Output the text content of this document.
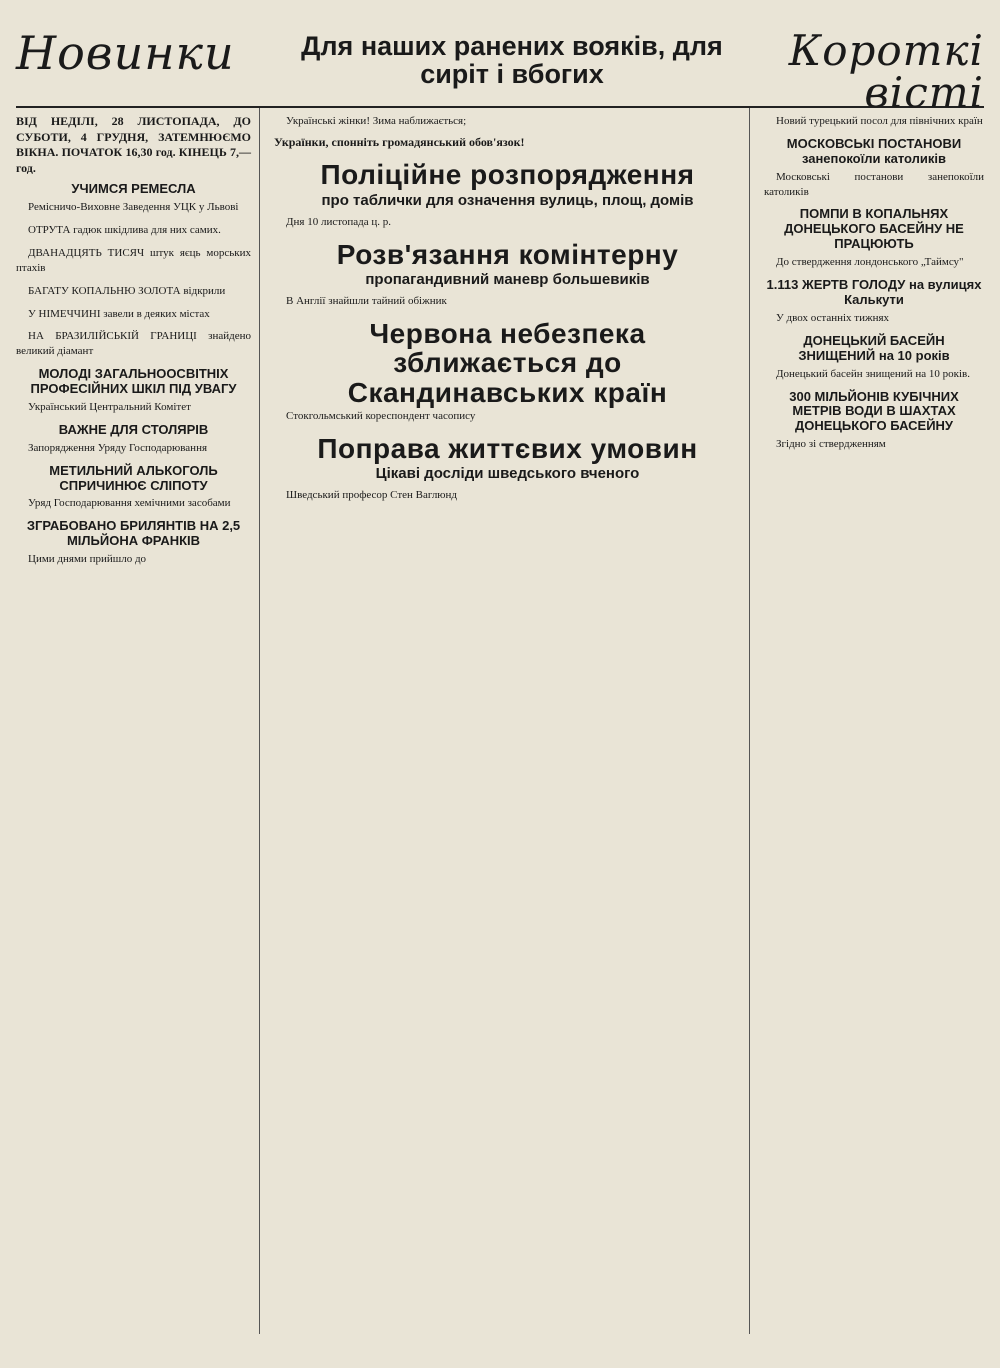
Новинки	Для наших ранених вояків, для сиріт і вбогих	Короткі вісті
ВІД НЕДІЛІ, 28 ЛИСТОПАДА, ДО СУБОТИ, 4 ГРУДНЯ, ЗАТЕМНЮЄМО ВІКНА. ПОЧАТОК 16,30 год. КІНЕЦЬ 7,— год.
УЧИМСЯ РЕМЕСЛА

Ремісничо-Виховне Заведення УЦК у Львові

ОТРУТА гадюк шкідлива для них самих.

ДВАНАДЦЯТЬ ТИСЯЧ штук яєць морських птахів

БАГАТУ КОПАЛЬНЮ ЗОЛОТА відкрили

У НІМЕЧЧИНІ завели в деяких містах

НА БРАЗИЛІЙСЬКІЙ ГРАНИЦІ знайдено великий діамант

МОЛОДІ ЗАГАЛЬНООСВІТНІХ ПРОФЕСІЙНИХ ШКІЛ ПІД УВАГУ

Український Центральний Комітет

ВАЖНЕ ДЛЯ СТОЛЯРІВ

Запорядження Уряду Господарювання

МЕТИЛЬНИЙ АЛЬКОГОЛЬ СПРИЧИНЮЄ СЛІПОТУ

Уряд Господарювання хемічними засобами

ЗГРАБОВАНО БРИЛЯНТІВ НА 2,5 МІЛЬЙОНА ФРАНКІВ

Цими днями прийшло до

Українські жінки! Зима наближається;

Українки, спонніть громадянський обов'язок!

Поліційне розпорядження
про таблички для означення вулиць, площ, домів

Дня 10 листопада ц. р.

Розв'язання комінтерну
пропагандивний маневр большевиків

В Англії знайшли тайний обіжник

Червона небезпека зближається до Скандинавських країн

Стокгольмський кореспондент часопису

Поправа життєвих умовин
Цікаві досліди шведського вченого

Шведський професор Стен Ваглюнд

Новий турецький посол для північних країн

МОСКОВСЬКІ ПОСТАНОВИ занепокоїли католиків

Московські постанови занепокоїли католиків

ПОМПИ В КОПАЛЬНЯХ ДОНЕЦЬКОГО БАСЕЙНУ НЕ ПРАЦЮЮТЬ

До ствердження лондонського „Таймсу"

1.113 ЖЕРТВ ГОЛОДУ на вулицях Калькути

У двох останніх тижнях

ДОНЕЦЬКИЙ БАСЕЙН ЗНИЩЕНИЙ на 10 років

Донецький басейн знищений на 10 років.

300 МІЛЬЙОНІВ КУБІЧНИХ МЕТРІВ ВОДИ В ШАХТАХ ДОНЕЦЬКОГО БАСЕЙНУ

Згідно зі ствердженням
